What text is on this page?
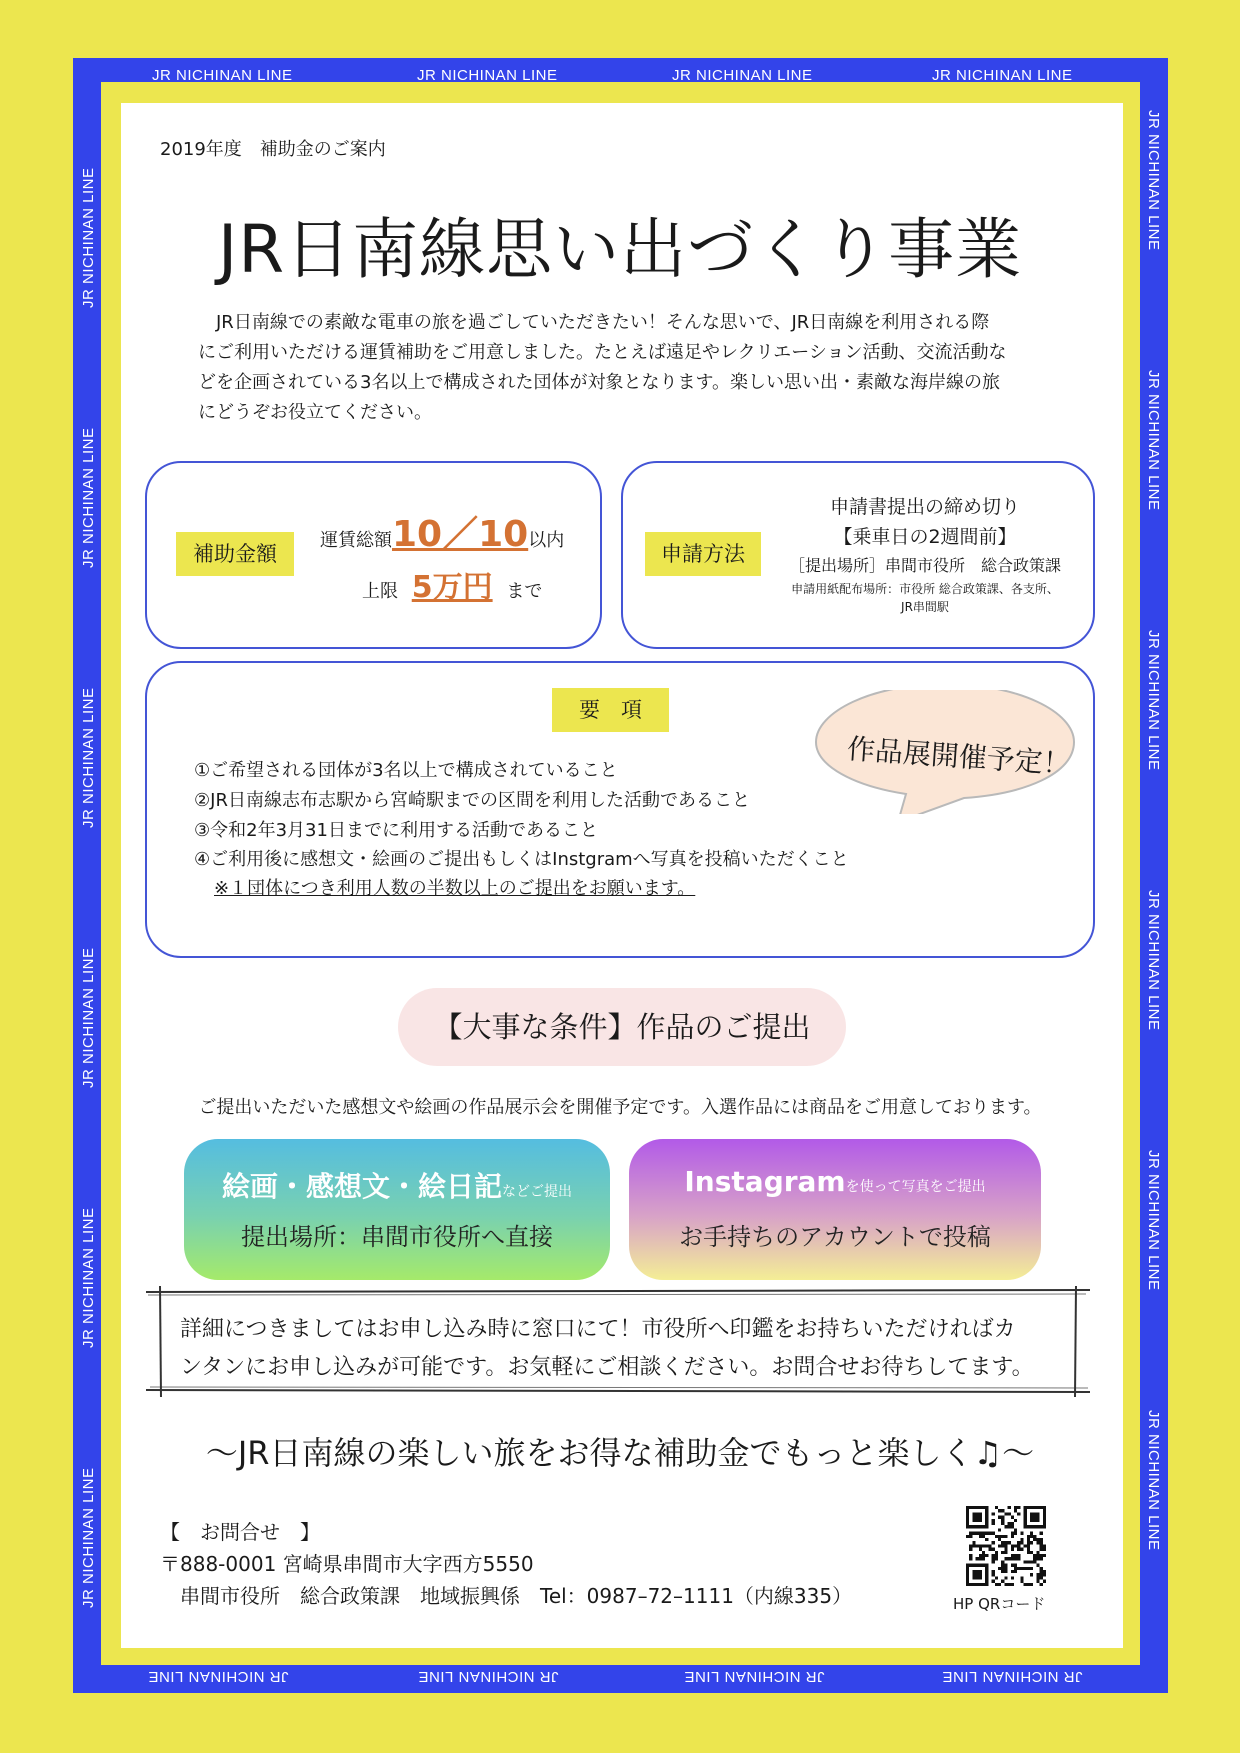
JR NICHINAN LINE	JR NICHINAN LINE	JR NICHINAN LINE	JR NICHINAN LINE
JR NICHINAN LINE	JR NICHINAN LINE	JR NICHINAN LINE	JR NICHINAN LINE
JR NICHINAN LINE
JR NICHINAN LINE
JR NICHINAN LINE
JR NICHINAN LINE
JR NICHINAN LINE
JR NICHINAN LINE
JR NICHINAN LINE
JR NICHINAN LINE
JR NICHINAN LINE
JR NICHINAN LINE
JR NICHINAN LINE
JR NICHINAN LINE
2019年度　補助金のご案内
JR日南線思い出づくり事業
　JR日南線での素敵な電車の旅を過ごしていただきたい！そんな思いで、JR日南線を利用される際
にご利用いただける運賃補助をご用意しました。たとえば遠足やレクリエーション活動、交流活動な
どを企画されている3名以上で構成された団体が対象となります。楽しい思い出・素敵な海岸線の旅
にどうぞお役立てください。
補助金額
運賃総額10／10以内
上限 5万円 まで
申請方法
申請書提出の締め切り
【乗車日の2週間前】
［提出場所］串間市役所　総合政策課
申請用紙配布場所：市役所 総合政策課、各支所、
JR串間駅
要　項
①ご希望される団体が3名以上で構成されていること
②JR日南線志布志駅から宮崎駅までの区間を利用した活動であること
③令和2年3月31日までに利用する活動であること
④ご利用後に感想文・絵画のご提出もしくはInstgramへ写真を投稿いただくこと
※１団体につき利用人数の半数以上のご提出をお願います。
作品展開催予定！
【大事な条件】作品のご提出
ご提出いただいた感想文や絵画の作品展示会を開催予定です。入選作品には商品をご用意しております。
絵画・感想文・絵日記などご提出
提出場所：串間市役所へ直接
Instagramを使って写真をご提出
お手持ちのアカウントで投稿
詳細につきましてはお申し込み時に窓口にて！市役所へ印鑑をお持ちいただければカ
ンタンにお申し込みが可能です。お気軽にご相談ください。お問合せお待ちしてます。
～JR日南線の楽しい旅をお得な補助金でもっと楽しく♫～
【　お問合せ　】
〒888-0001 宮崎県串間市大字西方5550
　串間市役所　総合政策課　地域振興係　Tel：0987–72–1111（内線335）	HP QRコード
